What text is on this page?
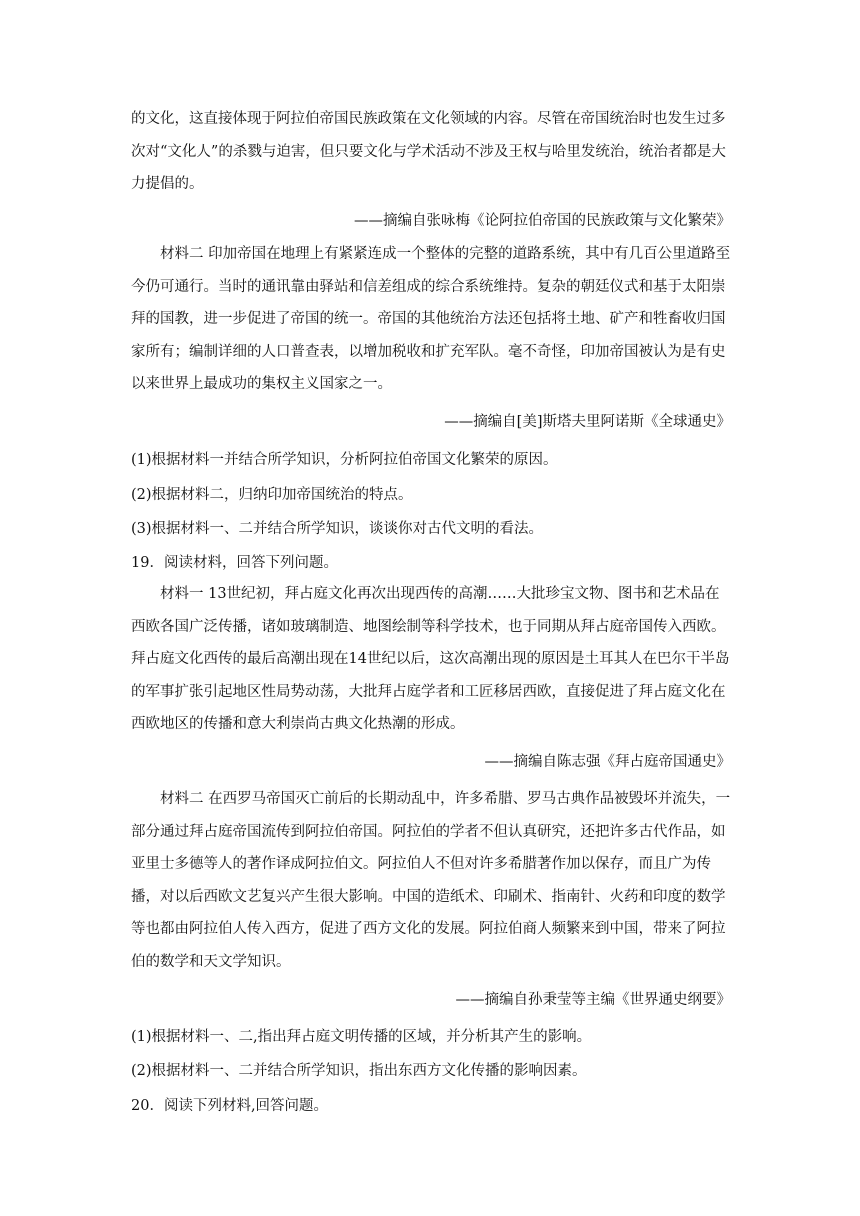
的文化，这直接体现于阿拉伯帝国民族政策在文化领域的内容。尽管在帝国统治时也发生过多次对“文化人”的杀戮与迫害，但只要文化与学术活动不涉及王权与哈里发统治，统治者都是大力提倡的。

——摘编自张咏梅《论阿拉伯帝国的民族政策与文化繁荣》

材料二 印加帝国在地理上有紧紧连成一个整体的完整的道路系统，其中有几百公里道路至今仍可通行。当时的通讯靠由驿站和信差组成的综合系统维持。复杂的朝廷仪式和基于太阳崇拜的国教，进一步促进了帝国的统一。帝国的其他统治方法还包括将土地、矿产和牲畜收归国家所有；编制详细的人口普查表，以增加税收和扩充军队。毫不奇怪，印加帝国被认为是有史以来世界上最成功的集权主义国家之一。

——摘编自[美]斯塔夫里阿诺斯《全球通史》

(1)根据材料一并结合所学知识，分析阿拉伯帝国文化繁荣的原因。

(2)根据材料二，归纳印加帝国统治的特点。

(3)根据材料一、二并结合所学知识，谈谈你对古代文明的看法。

19．阅读材料，回答下列问题。

材料一 13世纪初，拜占庭文化再次出现西传的高潮……大批珍宝文物、图书和艺术品在西欧各国广泛传播，诸如玻璃制造、地图绘制等科学技术，也于同期从拜占庭帝国传入西欧。拜占庭文化西传的最后高潮出现在14世纪以后，这次高潮出现的原因是土耳其人在巴尔干半岛的军事扩张引起地区性局势动荡，大批拜占庭学者和工匠移居西欧，直接促进了拜占庭文化在西欧地区的传播和意大利崇尚古典文化热潮的形成。

——摘编自陈志强《拜占庭帝国通史》

材料二 在西罗马帝国灭亡前后的长期动乱中，许多希腊、罗马古典作品被毁坏并流失，一部分通过拜占庭帝国流传到阿拉伯帝国。阿拉伯的学者不但认真研究，还把许多古代作品，如亚里士多德等人的著作译成阿拉伯文。阿拉伯人不但对许多希腊著作加以保存，而且广为传播，对以后西欧文艺复兴产生很大影响。中国的造纸术、印刷术、指南针、火药和印度的数学等也都由阿拉伯人传入西方，促进了西方文化的发展。阿拉伯商人频繁来到中国，带来了阿拉伯的数学和天文学知识。

——摘编自孙秉莹等主编《世界通史纲要》

(1)根据材料一、二,指出拜占庭文明传播的区域，并分析其产生的影响。

(2)根据材料一、二并结合所学知识，指出东西方文化传播的影响因素。

20．阅读下列材料,回答问题。
